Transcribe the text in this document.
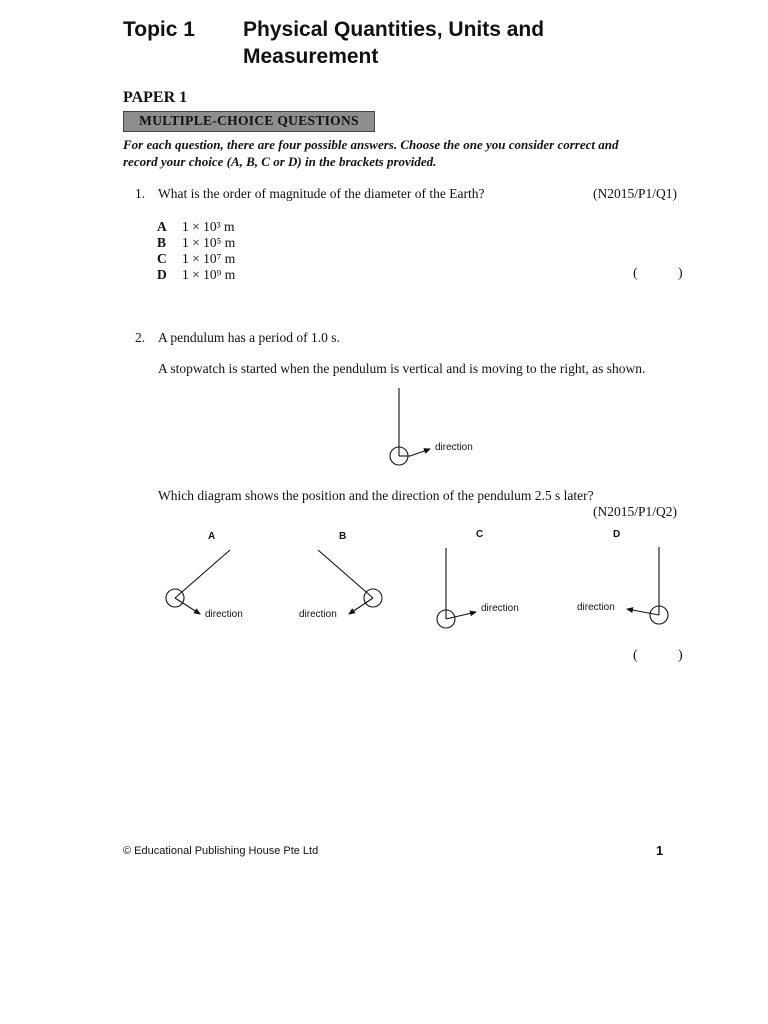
Topic 1 Physical Quantities, Units and
Measurement
PAPER 1
MULTIPLE-CHOICE QUESTIONS
For each question, there are four possible answers. Choose the one you consider correct and
record your choice (A, B, C or D) in the brackets provided.
1. What is the order of magnitude of the diameter of the Earth?	(N2015/P1/Q1)
A 1 × 10³ m
B 1 × 10⁵ m
C 1 × 10⁷ m
D 1 × 10⁹ m	(	)
2. A pendulum has a period of 1.0 s.
A stopwatch is started when the pendulum is vertical and is moving to the right, as shown.
direction
Which diagram shows the position and the direction of the pendulum 2.5 s later?
(N2015/P1/Q2)
A	B	C	D
direction	direction
direction	direction
(	)
© Educational Publishing House Pte Ltd	1
